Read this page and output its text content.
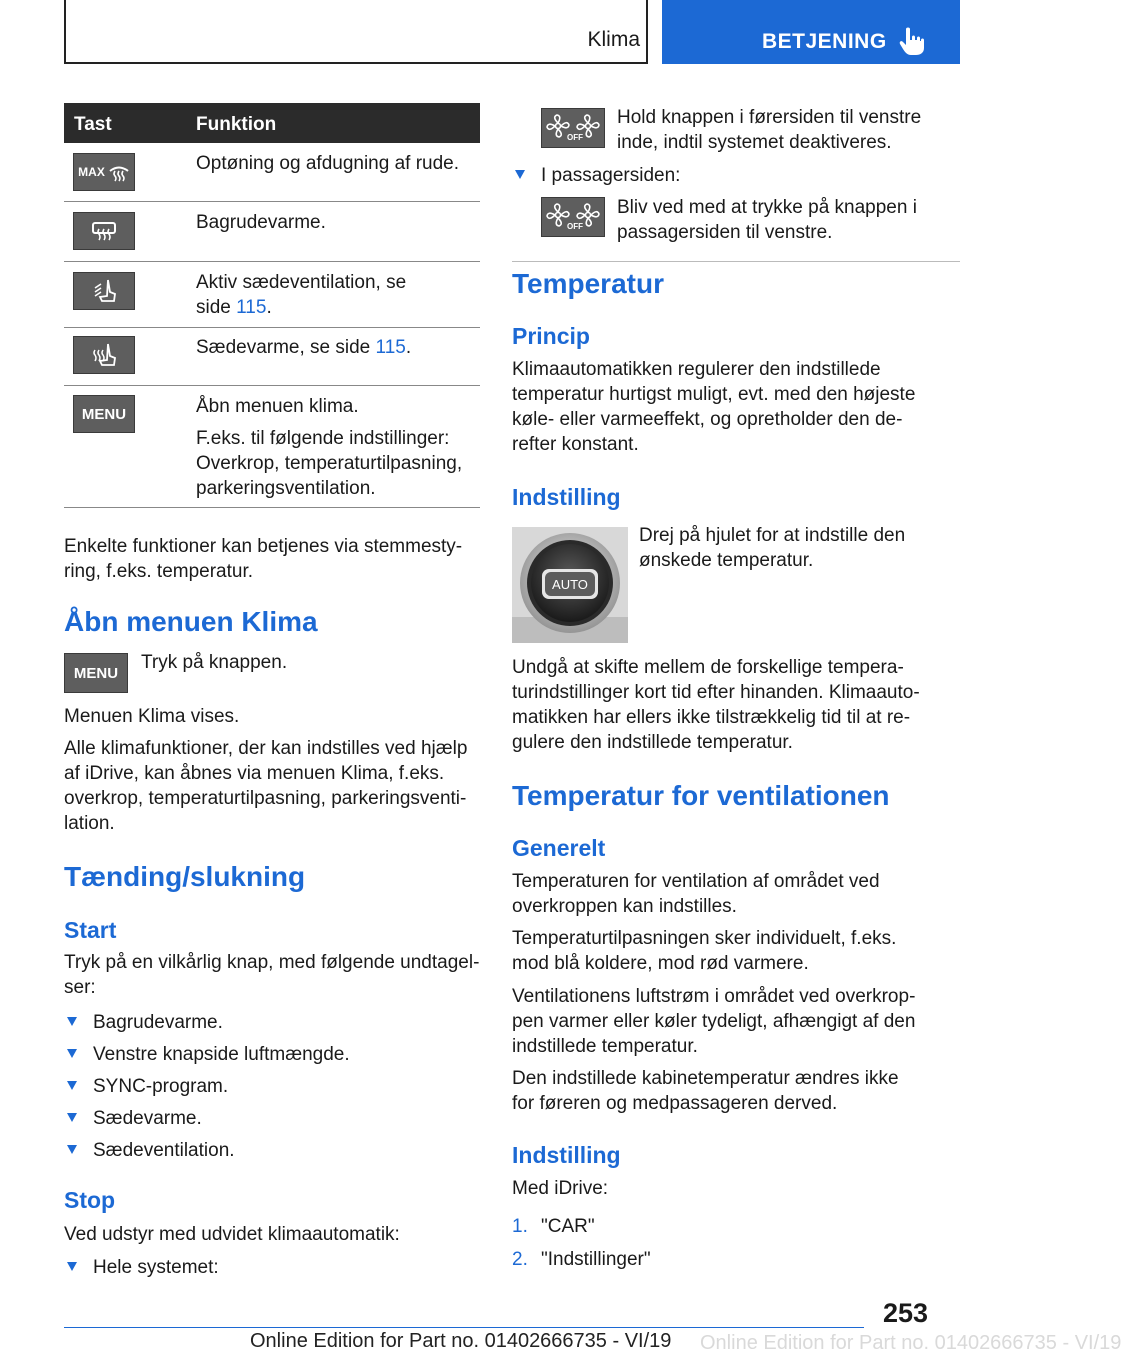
Klima	BETJENING
Tast	Funktion
MAX	Optøning og afdugning af rude.

Bagrudevarme.

Aktiv sædeventilation, se

side 115.

Sædevarme, se side 115.

MENU	Åbn menuen klima.

F.eks. til følgende indstillinger:

Overkrop, temperaturtilpasning,

parkeringsventilation.

Enkelte funktioner kan betjenes via stemmesty-

ring, f.eks. temperatur.

Åbn menuen Klima
MENU	Tryk på knappen.

Menuen Klima vises.

Alle klimafunktioner, der kan indstilles ved hjælp

af iDrive, kan åbnes via menuen Klima, f.eks.

overkrop, temperaturtilpasning, parkeringsventi-

lation.

Tænding/slukning
Start

Tryk på en vilkårlig knap, med følgende undtagel-

ser:

Bagrudevarme.

Venstre knapside luftmængde.

SYNC-program.

Sædevarme.

Sædeventilation.

Stop

Ved udstyr med udvidet klimaautomatik:

Hele systemet:

OFF

Hold knappen i førersiden til venstre

inde, indtil systemet deaktiveres.

I passagersiden:

OFF

Bliv ved med at trykke på knappen i

passagersiden til venstre.

Temperatur
Princip

Klimaautomatikken regulerer den indstillede

temperatur hurtigst muligt, evt. med den højeste

køle- eller varmeeffekt, og opretholder den de-

refter konstant.

Indstilling
AUTO

Drej på hjulet for at indstille den

ønskede temperatur.

Undgå at skifte mellem de forskellige tempera-

turindstillinger kort tid efter hinanden. Klimaauto-

matikken har ellers ikke tilstrækkelig tid til at re-

gulere den indstillede temperatur.

Temperatur for ventilationen
Generelt

Temperaturen for ventilation af området ved

overkroppen kan indstilles.

Temperaturtilpasningen sker individuelt, f.eks.

mod blå koldere, mod rød varmere.

Ventilationens luftstrøm i området ved overkrop-

pen varmer eller køler tydeligt, afhængigt af den

indstillede temperatur.

Den indstillede kabinetemperatur ændres ikke

for føreren og medpassageren derved.

Indstilling

Med iDrive:

1. "CAR"

2. "Indstillinger"

253
Online Edition for Part no. 01402666735 - VI/19 Online Edition for Part no. 01402666735 - VI/19
